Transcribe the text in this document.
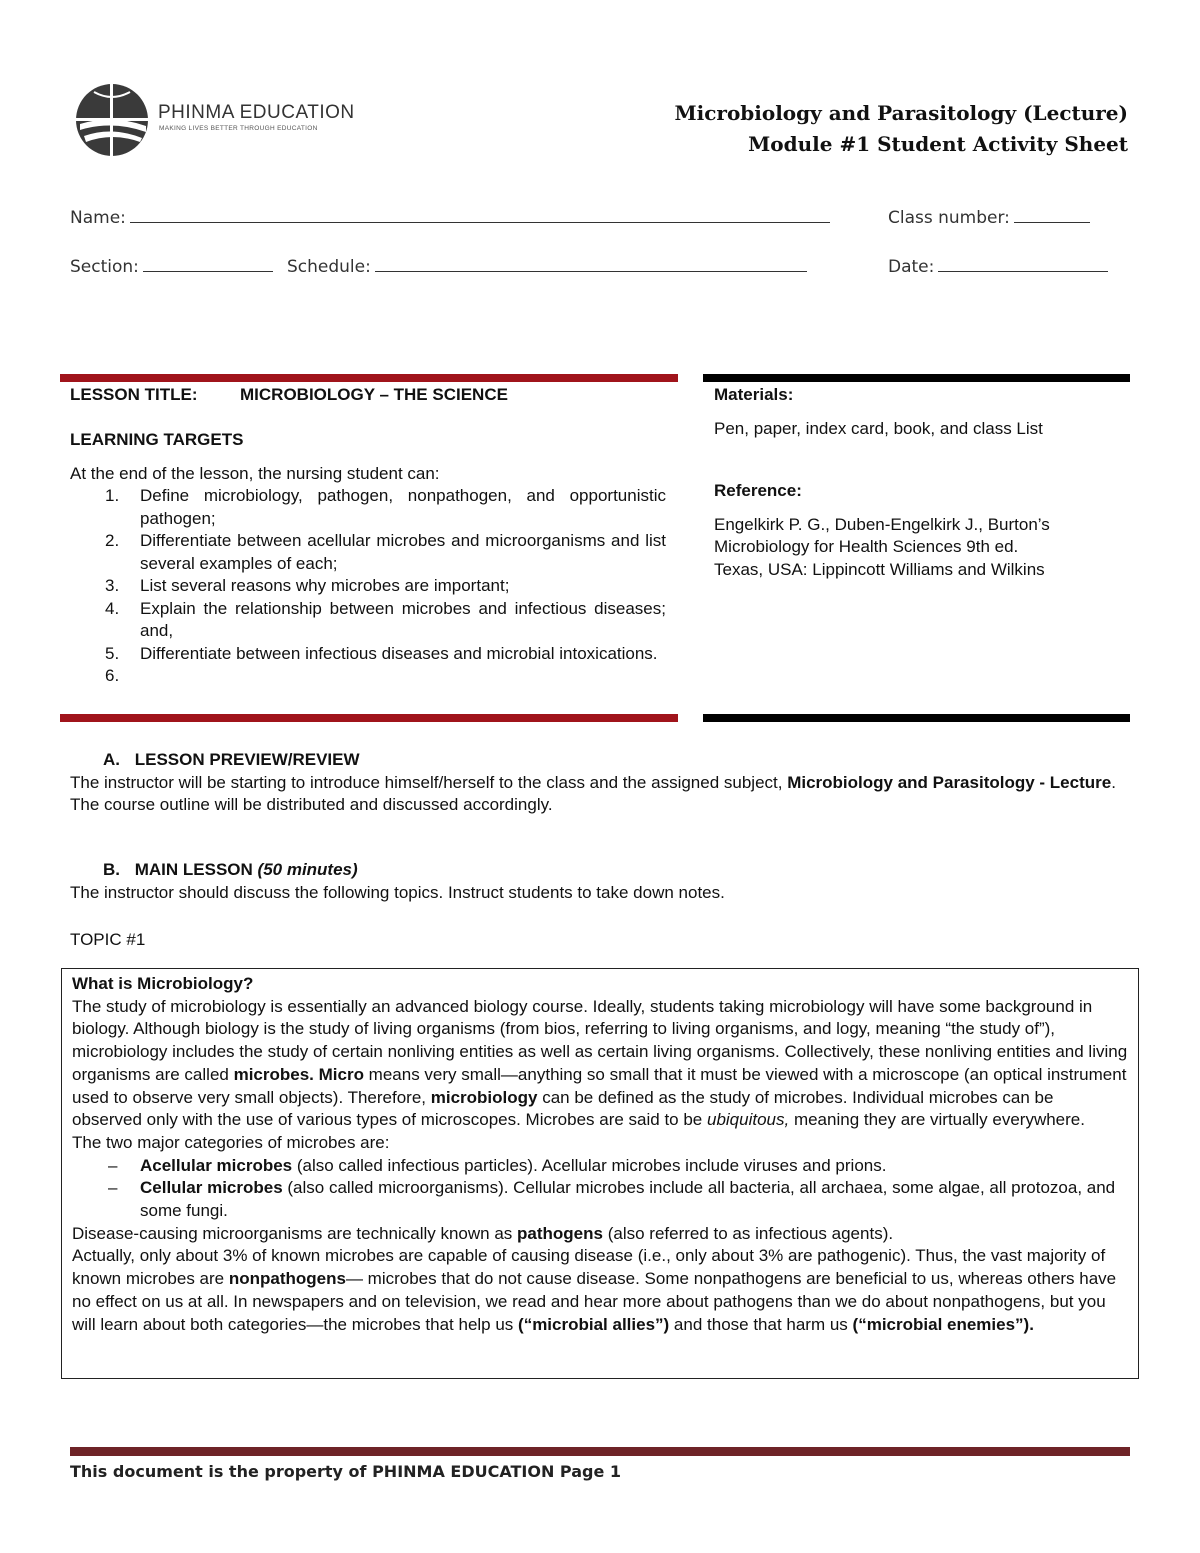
PHINMA EDUCATION
MAKING LIVES BETTER THROUGH EDUCATION
Microbiology and Parasitology (Lecture)
Module #1 Student Activity Sheet
Name:	Class number:
Section:	Schedule:	Date:
LESSON TITLE:	MICROBIOLOGY – THE SCIENCE
LEARNING TARGETS
At the end of the lesson, the nursing student can:
1. Define microbiology, pathogen, nonpathogen, and opportunistic pathogen;
2. Differentiate between acellular microbes and microorganisms and list several examples of each;
3. List several reasons why microbes are important;
4. Explain the relationship between microbes and infectious diseases; and,
5. Differentiate between infectious diseases and microbial intoxications.
6.
Materials:
Pen, paper, index card, book, and class List
Reference:
Engelkirk P. G., Duben-Engelkirk J., Burton’s
Microbiology for Health Sciences 9th ed.
Texas, USA: Lippincott Williams and Wilkins
A. LESSON PREVIEW/REVIEW
The instructor will be starting to introduce himself/herself to the class and the assigned subject, Microbiology and Parasitology - Lecture. The course outline will be distributed and discussed accordingly.
B. MAIN LESSON (50 minutes)
The instructor should discuss the following topics. Instruct students to take down notes.
TOPIC #1

What is Microbiology?

The study of microbiology is essentially an advanced biology course. Ideally, students taking microbiology will have some background in biology. Although biology is the study of living organisms (from bios, referring to living organisms, and logy, meaning “the study of”), microbiology includes the study of certain nonliving entities as well as certain living organisms. Collectively, these nonliving entities and living organisms are called microbes. Micro means very small—anything so small that it must be viewed with a microscope (an optical instrument used to observe very small objects). Therefore, microbiology can be defined as the study of microbes. Individual microbes can be observed only with the use of various types of microscopes. Microbes are said to be ubiquitous, meaning they are virtually everywhere.

The two major categories of microbes are:

– Acellular microbes (also called infectious particles). Acellular microbes include viruses and prions.
– Cellular microbes (also called microorganisms). Cellular microbes include all bacteria, all archaea, some algae, all protozoa, and some fungi.

Disease-causing microorganisms are technically known as pathogens (also referred to as infectious agents).

Actually, only about 3% of known microbes are capable of causing disease (i.e., only about 3% are pathogenic). Thus, the vast majority of known microbes are nonpathogens— microbes that do not cause disease. Some nonpathogens are beneficial to us, whereas others have no effect on us at all. In newspapers and on television, we read and hear more about pathogens than we do about nonpathogens, but you will learn about both categories—the microbes that help us (“microbial allies”) and those that harm us (“microbial enemies”).

This document is the property of PHINMA EDUCATION Page 1
